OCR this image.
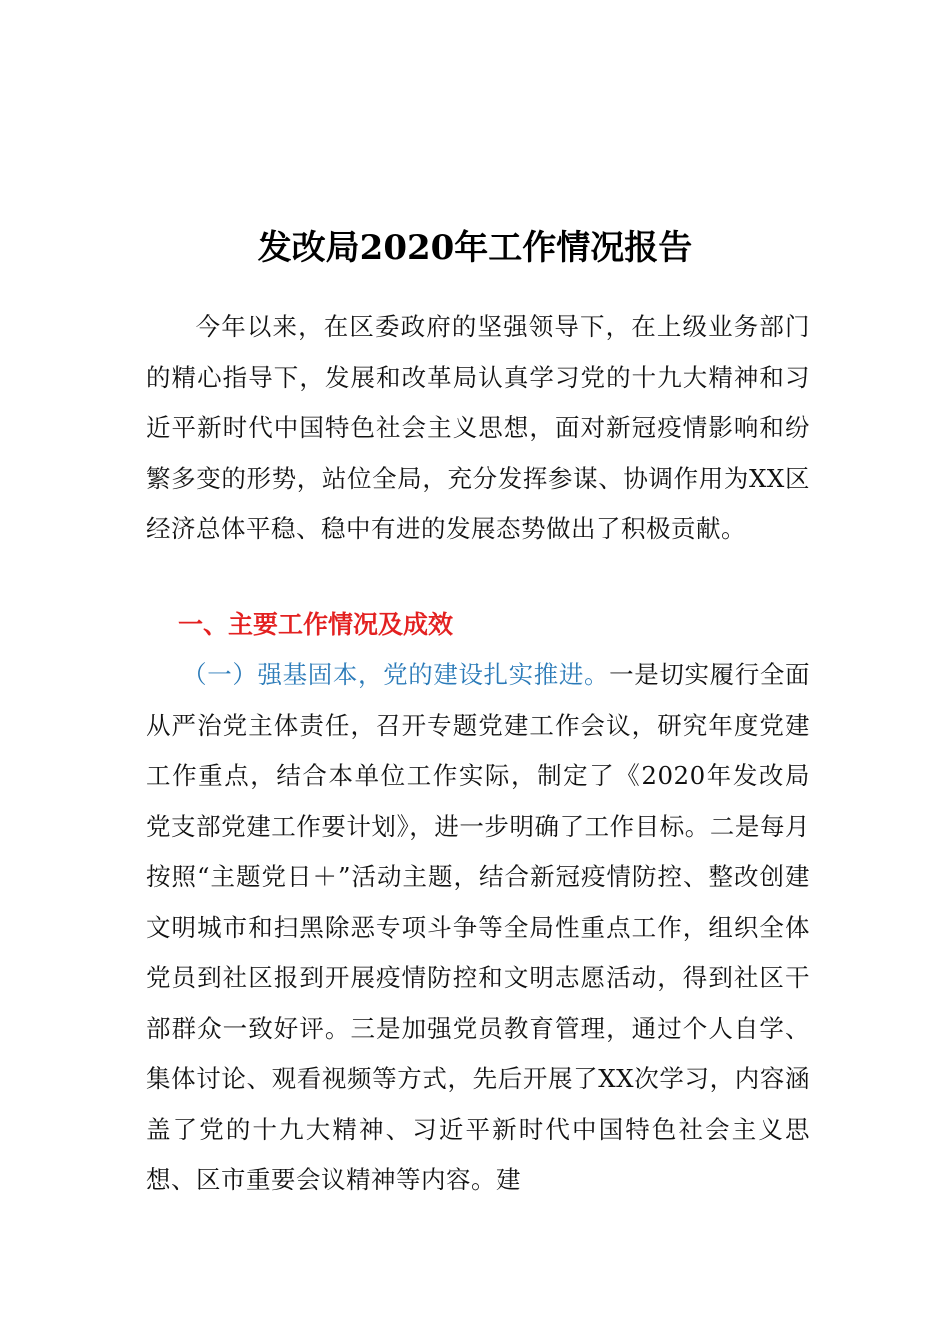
发改局2020年工作情况报告
今年以来，在区委政府的坚强领导下，在上级业务部门的精心指导下，发展和改革局认真学习党的十九大精神和习近平新时代中国特色社会主义思想，面对新冠疫情影响和纷繁多变的形势，站位全局，充分发挥参谋、协调作用为XX区经济总体平稳、稳中有进的发展态势做出了积极贡献。
一、主要工作情况及成效
（一）强基固本，党的建设扎实推进。一是切实履行全面从严治党主体责任，召开专题党建工作会议，研究年度党建工作重点，结合本单位工作实际，制定了《2020年发改局党支部党建工作要计划》，进一步明确了工作目标。二是每月按照“主题党日＋”活动主题，结合新冠疫情防控、整改创建文明城市和扫黑除恶专项斗争等全局性重点工作，组织全体党员到社区报到开展疫情防控和文明志愿活动，得到社区干部群众一致好评。三是加强党员教育管理，通过个人自学、集体讨论、观看视频等方式，先后开展了XX次学习，内容涵盖了党的十九大精神、习近平新时代中国特色社会主义思想、区市重要会议精神等内容。建
